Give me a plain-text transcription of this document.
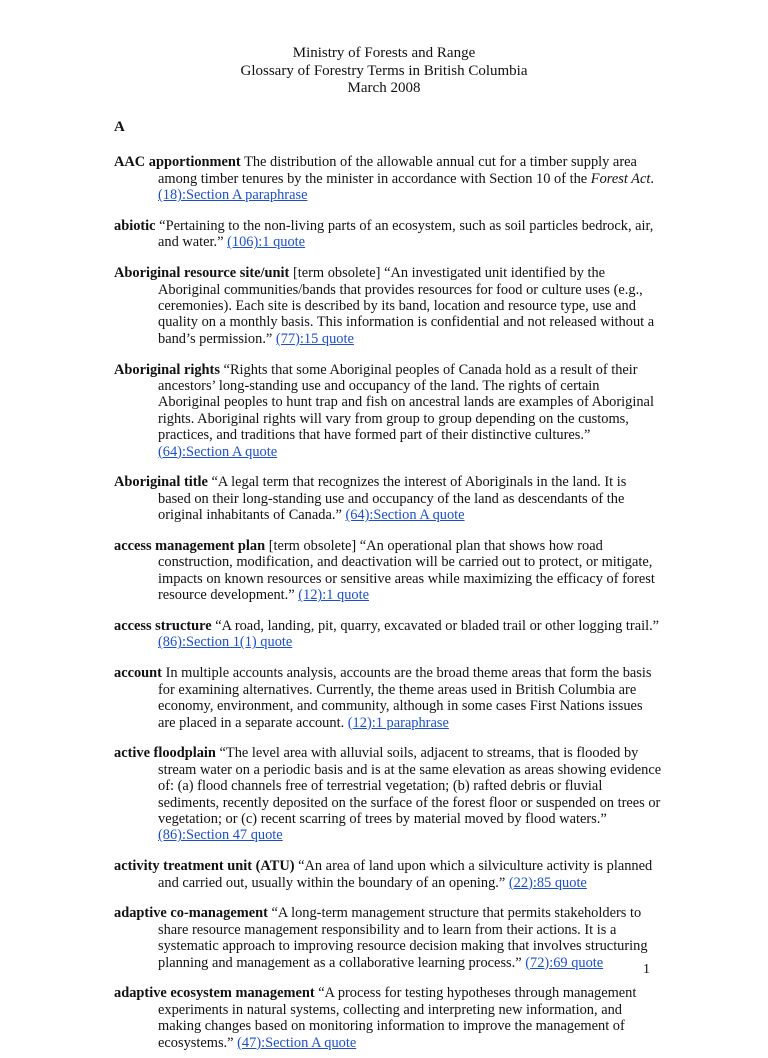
Ministry of Forests and Range
Glossary of Forestry Terms in British Columbia
March 2008
A

AAC apportionment The distribution of the allowable annual cut for a timber supply area among timber tenures by the minister in accordance with Section 10 of the Forest Act. (18):Section A paraphrase

abiotic “Pertaining to the non-living parts of an ecosystem, such as soil particles bedrock, air, and water.” (106):1 quote

Aboriginal resource site/unit [term obsolete] “An investigated unit identified by the Aboriginal communities/bands that provides resources for food or culture uses (e.g., ceremonies). Each site is described by its band, location and resource type, use and quality on a monthly basis. This information is confidential and not released without a band’s permission.” (77):15 quote

Aboriginal rights “Rights that some Aboriginal peoples of Canada hold as a result of their ancestors’ long-standing use and occupancy of the land. The rights of certain Aboriginal peoples to hunt trap and fish on ancestral lands are examples of Aboriginal rights. Aboriginal rights will vary from group to group depending on the customs, practices, and traditions that have formed part of their distinctive cultures.” (64):Section A quote

Aboriginal title “A legal term that recognizes the interest of Aboriginals in the land. It is based on their long-standing use and occupancy of the land as descendants of the original inhabitants of Canada.” (64):Section A quote

access management plan [term obsolete] “An operational plan that shows how road construction, modification, and deactivation will be carried out to protect, or mitigate, impacts on known resources or sensitive areas while maximizing the efficacy of forest resource development.” (12):1 quote

access structure “A road, landing, pit, quarry, excavated or bladed trail or other logging trail.” (86):Section 1(1) quote

account In multiple accounts analysis, accounts are the broad theme areas that form the basis for examining alternatives. Currently, the theme areas used in British Columbia are economy, environment, and community, although in some cases First Nations issues are placed in a separate account. (12):1 paraphrase

active floodplain “The level area with alluvial soils, adjacent to streams, that is flooded by stream water on a periodic basis and is at the same elevation as areas showing evidence of: (a) flood channels free of terrestrial vegetation; (b) rafted debris or fluvial sediments, recently deposited on the surface of the forest floor or suspended on trees or vegetation; or (c) recent scarring of trees by material moved by flood waters.” (86):Section 47 quote

activity treatment unit (ATU) “An area of land upon which a silviculture activity is planned and carried out, usually within the boundary of an opening.” (22):85 quote

adaptive co-management “A long-term management structure that permits stakeholders to share resource management responsibility and to learn from their actions. It is a systematic approach to improving resource decision making that involves structuring planning and management as a collaborative learning process.” (72):69 quote

adaptive ecosystem management “A process for testing hypotheses through management experiments in natural systems, collecting and interpreting new information, and making changes based on monitoring information to improve the management of ecosystems.” (47):Section A quote

1
